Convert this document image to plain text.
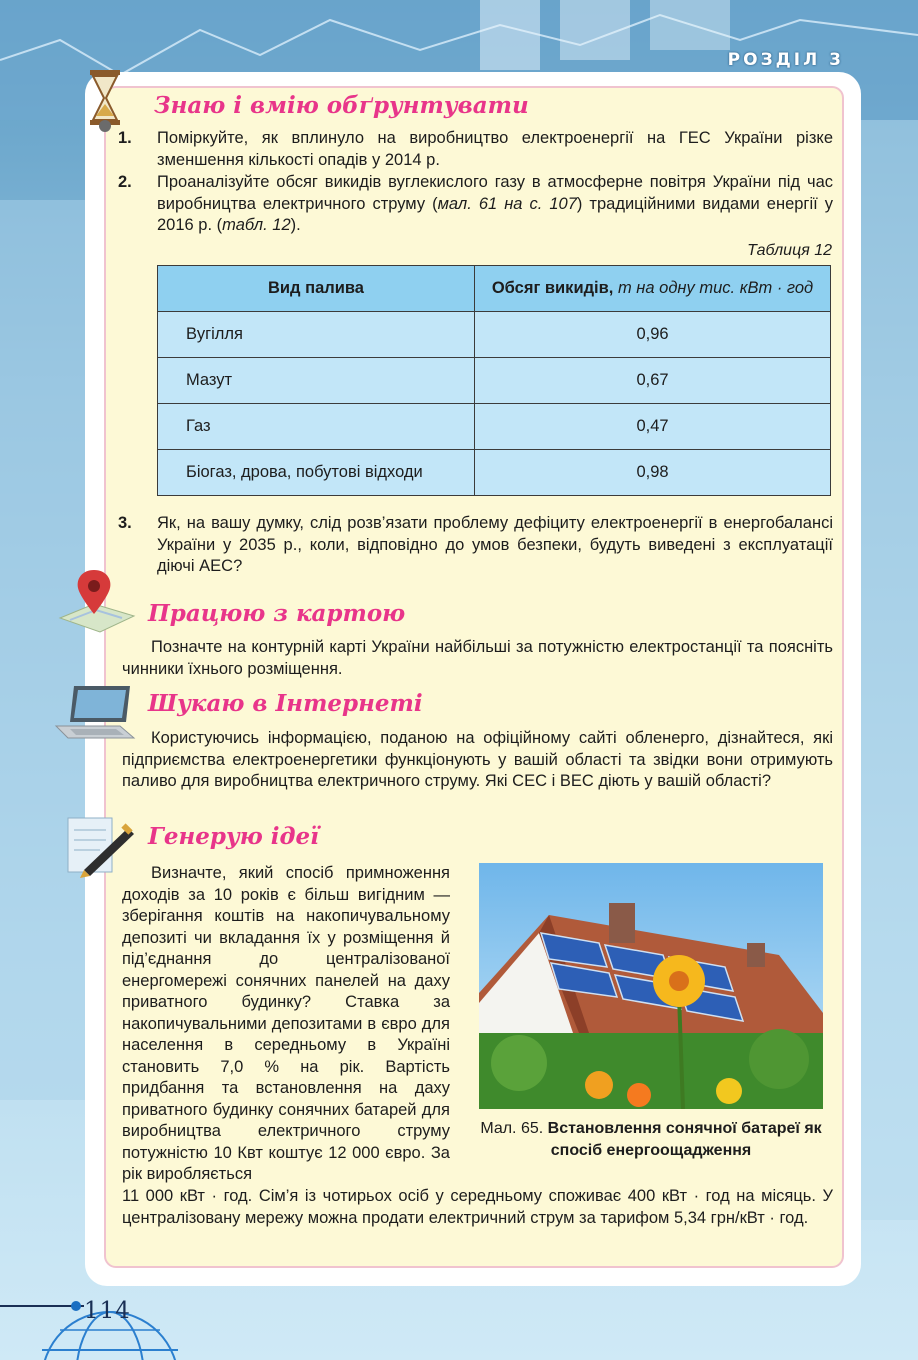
РОЗДІЛ 3
Знаю і вмію обґрунтувати
1. Поміркуйте, як вплинуло на виробництво електроенергії на ГЕС України різке зменшення кількості опадів у 2014 р.
2. Проаналізуйте обсяг викидів вуглекислого газу в атмосферне повітря України під час виробництва електричного струму (мал. 61 на с. 107) традиційними видами енергії у 2016 р. (табл. 12).
Таблиця 12
Вид палива	Обсяг викидів, т на одну тис. кВт · год
Вугілля	0,96
Мазут	0,67
Газ	0,47
Біогаз, дрова, побутові відходи	0,98
3. Як, на вашу думку, слід розв’язати проблему дефіциту електроенергії в енергобалансі України у 2035 р., коли, відповідно до умов безпеки, будуть виведені з експлуатації діючі АЕС?
Працюю з картою
Позначте на контурній карті України найбільші за потужністю електростанції та поясніть чинники їхнього розміщення.
Шукаю в Інтернеті
Користуючись інформацією, поданою на офіційному сайті обленерго, дізнайтеся, які підприємства електроенергетики функціонують у вашій області та звідки вони отримують паливо для виробництва електричного струму. Які СЕС і ВЕС діють у вашій області?
Генерую ідеї
Визначте, який спосіб примноження доходів за 10 років є більш вигідним — зберігання коштів на накопичувальному депозиті чи вкладання їх у розміщення й під’єднання до централізованої енергомережі сонячних панелей на даху приватного будинку? Ставка за накопичувальними депозитами в євро для населення в середньому в Україні становить 7,0 % на рік. Вартість придбання та встановлення на даху приватного будинку сонячних батарей для виробництва електричного струму потужністю 10 Квт коштує 12 000 євро. За рік виробляється
Мал. 65. Встановлення сонячної батареї як спосіб енергоощадження
11 000 кВт · год. Сім’я із чотирьох осіб у середньому споживає 400 кВт · год на місяць. У централізовану мережу можна продати електричний струм за тарифом 5,34 грн/кВт · год.
114
